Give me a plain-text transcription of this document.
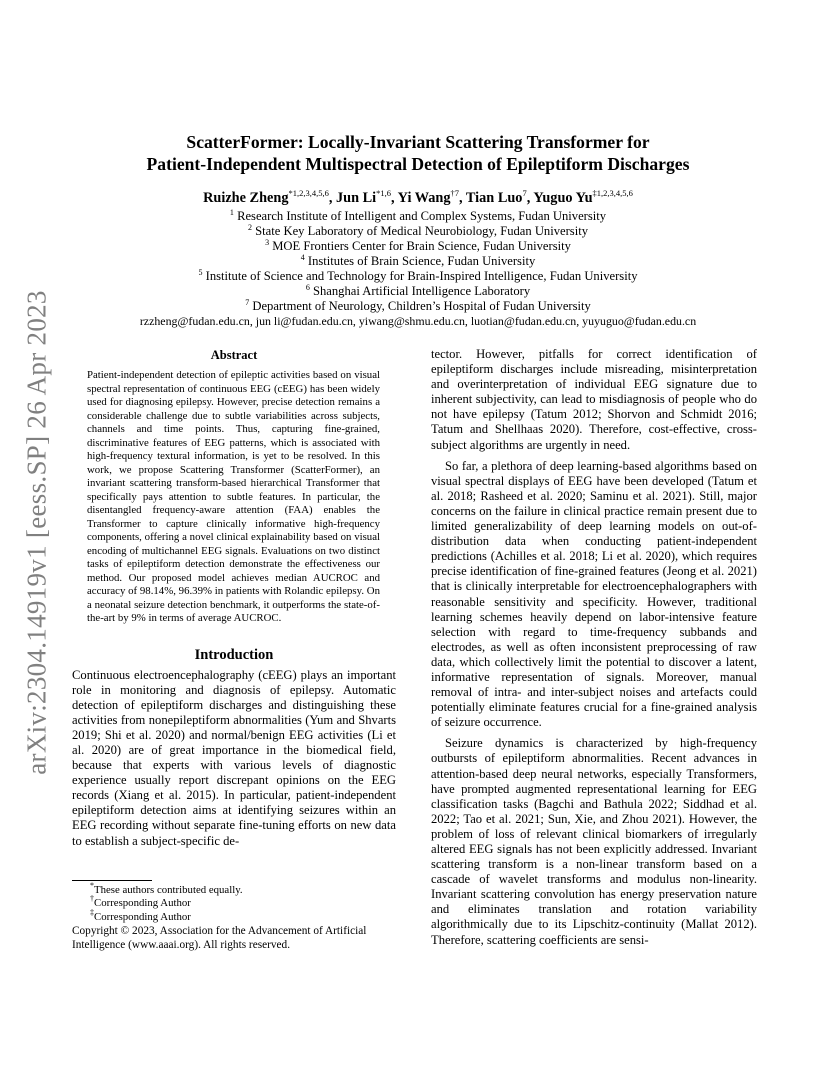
arXiv:2304.14919v1 [eess.SP] 26 Apr 2023
ScatterFormer: Locally-Invariant Scattering Transformer for
Patient-Independent Multispectral Detection of Epileptiform Discharges
Ruizhe Zheng$^{*1,2,3,4,5,6}$, Jun Li$^{*1,6}$, Yi Wang$^{\dagger 7}$, Tian Luo$^7$, Yuguo Yu$^{\ddagger 1,2,3,4,5,6}$
$^1$ Research Institute of Intelligent and Complex Systems, Fudan University
$^2$ State Key Laboratory of Medical Neurobiology, Fudan University
$^3$ MOE Frontiers Center for Brain Science, Fudan University
$^4$ Institutes of Brain Science, Fudan University
$^5$ Institute of Science and Technology for Brain-Inspired Intelligence, Fudan University
$^6$ Shanghai Artificial Intelligence Laboratory
$^7$ Department of Neurology, Children’s Hospital of Fudan University
rzzheng@fudan.edu.cn, jun li@fudan.edu.cn, yiwang@shmu.edu.cn, luotian@fudan.edu.cn, yuyuguo@fudan.edu.cn
Abstract

Patient-independent detection of epileptic activities based on visual spectral representation of continuous EEG (cEEG) has been widely used for diagnosing epilepsy. However, precise detection remains a considerable challenge due to subtle variabilities across subjects, channels and time points. Thus, capturing fine-grained, discriminative features of EEG patterns, which is associated with high-frequency textural information, is yet to be resolved. In this work, we propose Scattering Transformer (ScatterFormer), an invariant scattering transform-based hierarchical Transformer that specifically pays attention to subtle features. In particular, the disentangled frequency-aware attention (FAA) enables the Transformer to capture clinically informative high-frequency components, offering a novel clinical explainability based on visual encoding of multichannel EEG signals. Evaluations on two distinct tasks of epileptiform detection demonstrate the effectiveness our method. Our proposed model achieves median AUCROC and accuracy of 98.14%, 96.39% in patients with Rolandic epilepsy. On a neonatal seizure detection benchmark, it outperforms the state-of-the-art by 9% in terms of average AUCROC.

Introduction

Continuous electroencephalography (cEEG) plays an important role in monitoring and diagnosis of epilepsy. Automatic detection of epileptiform discharges and distinguishing these activities from nonepileptiform abnormalities (Yum and Shvarts 2019; Shi et al. 2020) and normal/benign EEG activities (Li et al. 2020) are of great importance in the biomedical field, because that experts with various levels of diagnostic experience usually report discrepant opinions on the EEG records (Xiang et al. 2015). In particular, patient-independent epileptiform detection aims at identifying seizures within an EEG recording without separate fine-tuning efforts on new data to establish a subject-specific de-

*These authors contributed equally.
†Corresponding Author
‡Corresponding Author
Copyright © 2023, Association for the Advancement of Artificial Intelligence (www.aaai.org). All rights reserved.

tector. However, pitfalls for correct identification of epileptiform discharges include misreading, misinterpretation and overinterpretation of individual EEG signature due to inherent subjectivity, can lead to misdiagnosis of people who do not have epilepsy (Tatum 2012; Shorvon and Schmidt 2016; Tatum and Shellhaas 2020). Therefore, cost-effective, cross-subject algorithms are urgently in need.

So far, a plethora of deep learning-based algorithms based on visual spectral displays of EEG have been developed (Tatum et al. 2018; Rasheed et al. 2020; Saminu et al. 2021). Still, major concerns on the failure in clinical practice remain present due to limited generalizability of deep learning models on out-of-distribution data when conducting patient-independent predictions (Achilles et al. 2018; Li et al. 2020), which requires precise identification of fine-grained features (Jeong et al. 2021) that is clinically interpretable for electroencephalographers with reasonable sensitivity and specificity. However, traditional learning schemes heavily depend on labor-intensive feature selection with regard to time-frequency subbands and electrodes, as well as often inconsistent preprocessing of raw data, which collectively limit the potential to discover a latent, informative representation of signals. Moreover, manual removal of intra- and inter-subject noises and artefacts could potentially eliminate features crucial for a fine-grained analysis of seizure occurrence.

Seizure dynamics is characterized by high-frequency outbursts of epileptiform abnormalities. Recent advances in attention-based deep neural networks, especially Transformers, have prompted augmented representational learning for EEG classification tasks (Bagchi and Bathula 2022; Siddhad et al. 2022; Tao et al. 2021; Sun, Xie, and Zhou 2021). However, the problem of loss of relevant clinical biomarkers of irregularly altered EEG signals has not been explicitly addressed. Invariant scattering transform is a non-linear transform based on a cascade of wavelet transforms and modulus non-linearity. Invariant scattering convolution has energy preservation nature and eliminates translation and rotation variability algorithmically due to its Lipschitz-continuity (Mallat 2012). Therefore, scattering coefficients are sensi-
